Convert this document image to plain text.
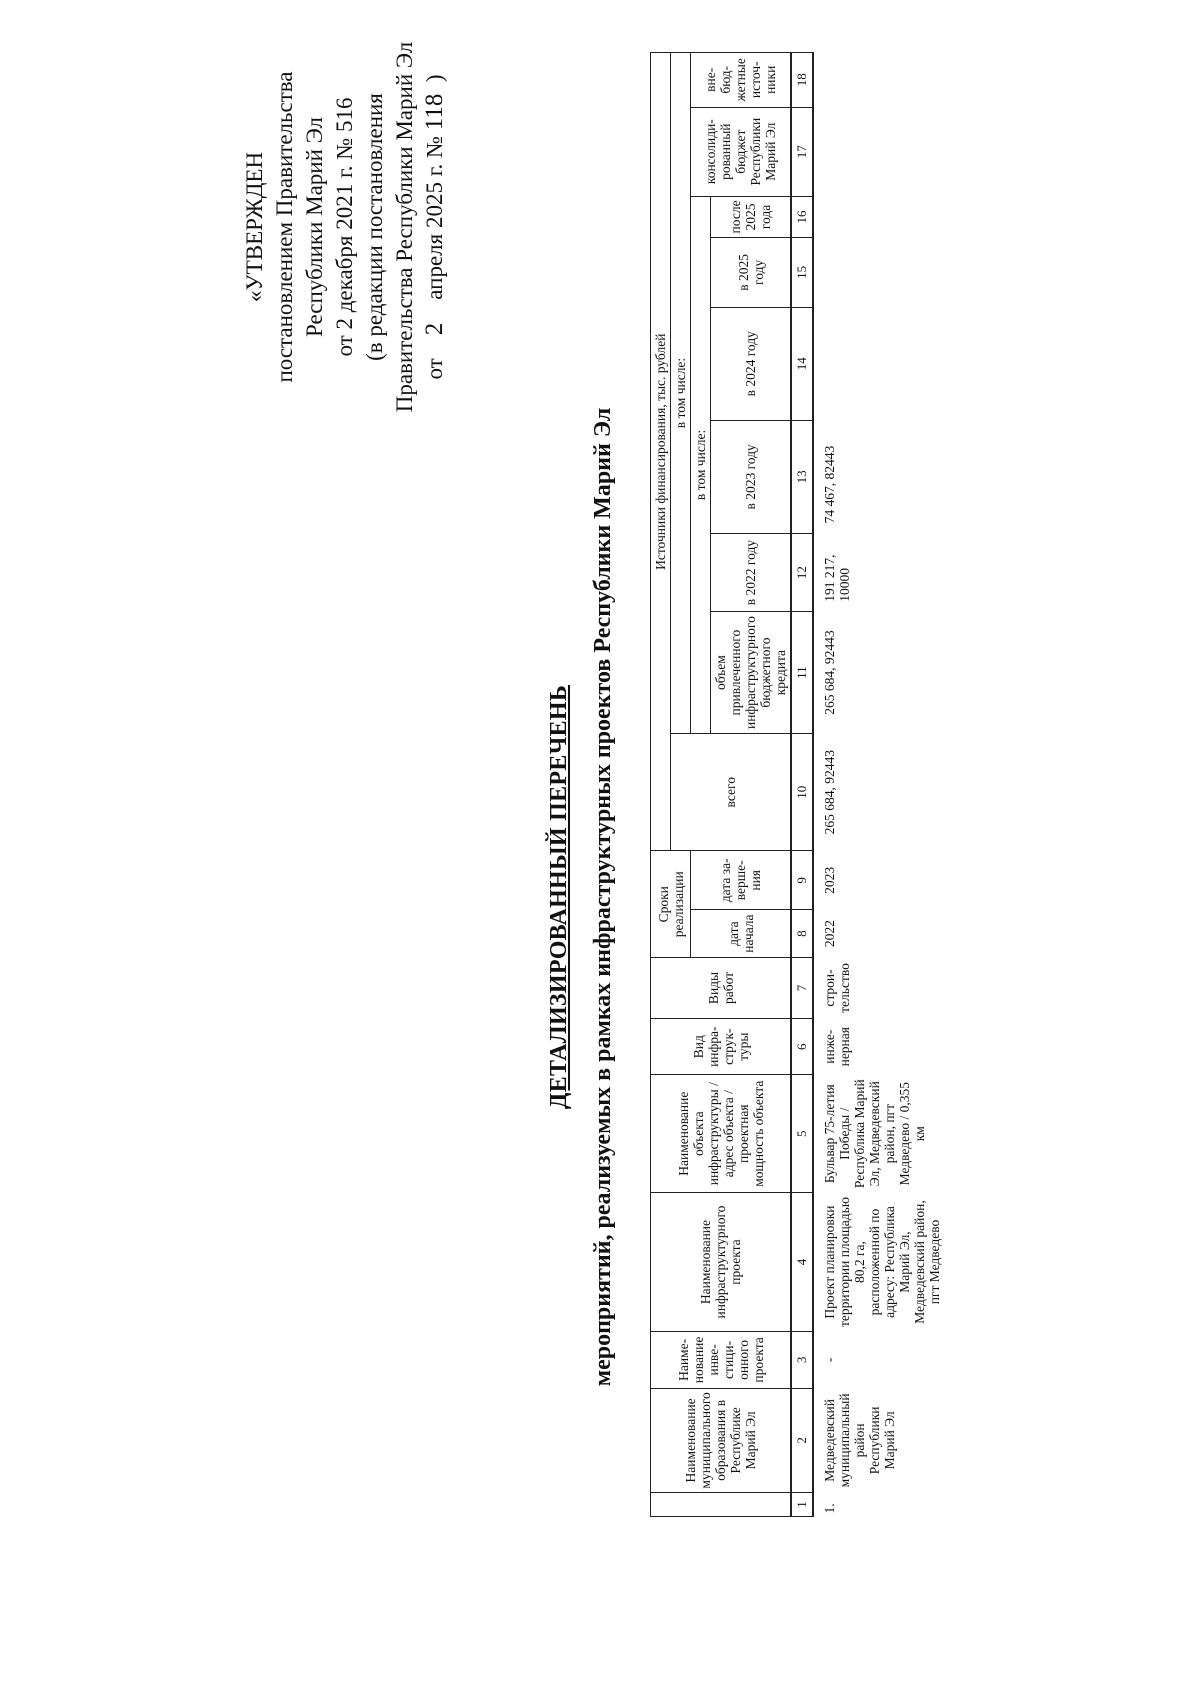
«УТВЕРЖДЕН постановлением Правительства Республики Марий Эл от 2 декабря 2021 г. № 516 (в редакции постановления Правительства Республики Марий Эл от    2    апреля 2025 г. № 118  )
ДЕТАЛИЗИРОВАННЫЙ ПЕРЕЧЕНЬ мероприятий, реализуемых в рамках инфраструктурных проектов Республики Марий Эл
	Наименование муниципального образования в Республике Марий Эл	Наиме-нование инве-стици-онного проекта	Наименование инфраструктурного проекта	Наименование объекта инфраструктуры / адрес объекта / проектная мощность объекта	Вид инфра-струк-туры	Виды работ	Сроки реализации		Источники финансирования, тыс. рублей								
									всего	в том числе:							
							дата начала	дата за-верше-ния		в том числе:						консолиди-рованный бюджет Республики Марий Эл	вне-бюд-жетные источ-ники
										объем привлеченного инфраструктурного бюджетного кредита	в 2022 году	в 2023 году	в 2024 году	в 2025 году	после 2025 года		
1	2	3	4	5	6	7	8	9	10	11	12	13	14	15	16	17	18
1.	Медведевский муниципальный район Республики Марий Эл	-	Проект планировки территории площадью 80,2 га, расположенной по адресу: Республика Марий Эл, Медведевский район, пгт Медведево	Бульвар 75-летия Победы / Республика Марий Эл, Медведевский район, пгт Медведево / 0,355 км	инже-нерная	строи-тельство	2022	2023	265 684, 92443	265 684, 92443	191 217, 10000	74 467, 82443					
